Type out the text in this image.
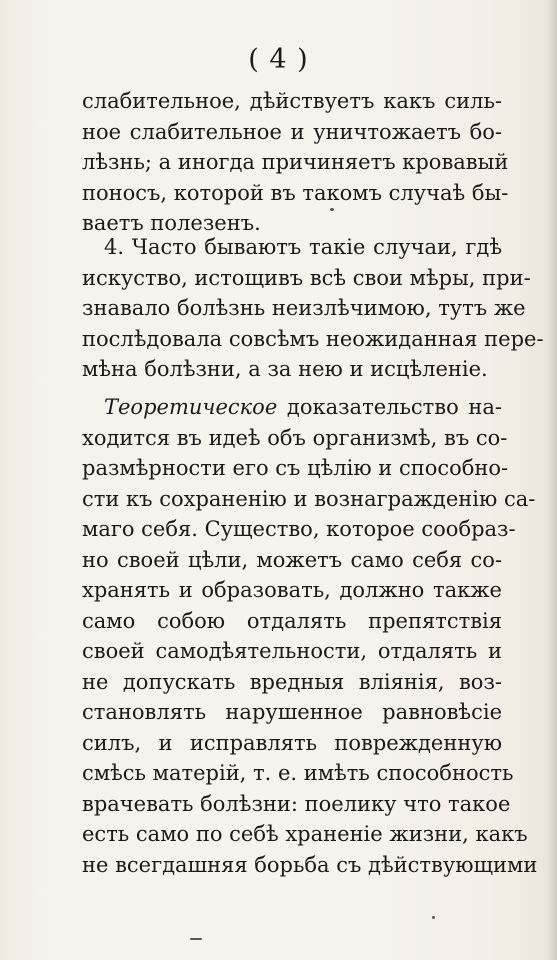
( 4 )
слабительное, дѣйствуетъ какъ силь-
ное слабительное и уничтожаетъ бо-
лѣзнь; а иногда причиняетъ кровавый
поносъ, которой въ такомъ случаѣ бы-
ваетъ полезенъ.
4. Часто бываютъ такіе случаи, гдѣ
искуство, истощивъ всѣ свои мѣры, при-
знавало болѣзнь неизлѣчимою, тутъ же
послѣдовала совсѣмъ неожиданная пере-
мѣна болѣзни, а за нею и исцѣленіе.
Теоретическое доказательство на-
ходится въ идеѣ объ организмѣ, въ со-
размѣрности его съ цѣлію и способно-
сти къ сохраненію и вознагражденію са-
маго себя. Существо, которое сообраз-
но своей цѣли, можетъ само себя со-
хранять и образовать, должно также
само собою отдалять препятствія
своей самодѣятельности, отдалять и
не допускать вредныя вліянія, воз-
становлять нарушенное равновѣсіе
силъ, и исправлять поврежденную
смѣсь матерій, т. е. имѣть способность
врачевать болѣзни: поелику что такое
есть само по себѣ храненіе жизни, какъ
не всегдашняя борьба съ дѣйствующими
